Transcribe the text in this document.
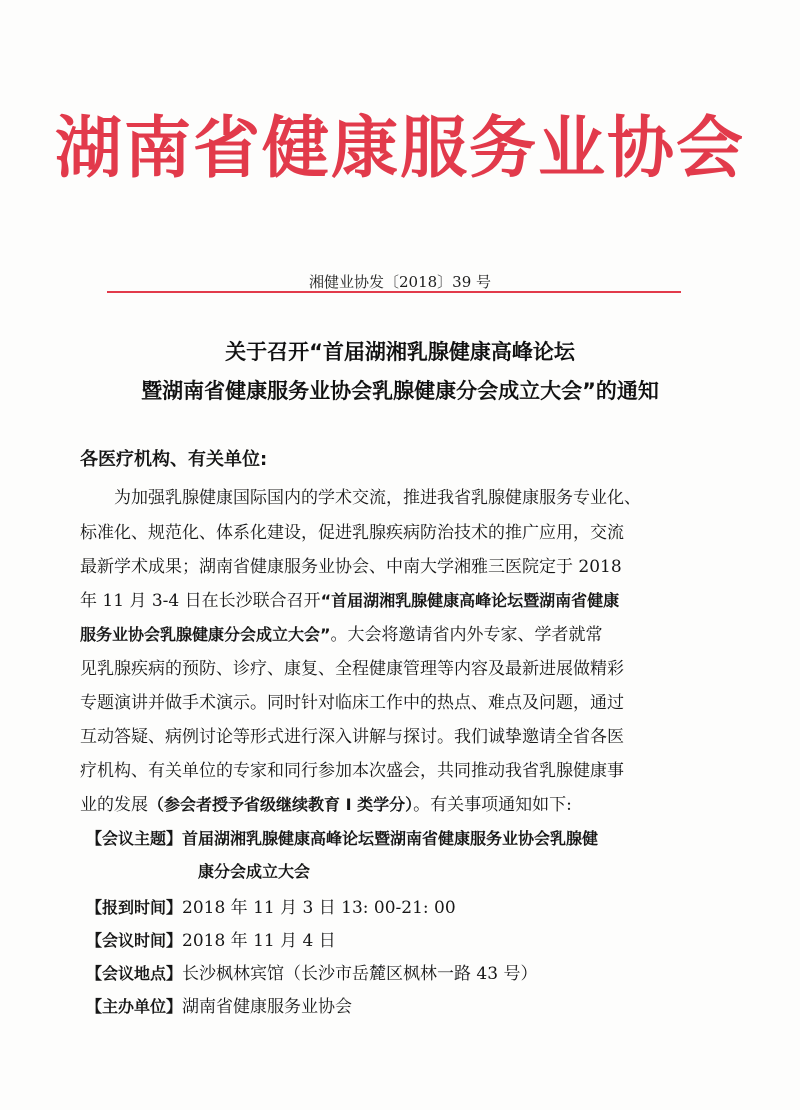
湖南省健康服务业协会
湘健业协发〔2018〕39 号
关于召开“首届湖湘乳腺健康高峰论坛
暨湖南省健康服务业协会乳腺健康分会成立大会”的通知
各医疗机构、有关单位:
为加强乳腺健康国际国内的学术交流，推进我省乳腺健康服务专业化、
标准化、规范化、体系化建设，促进乳腺疾病防治技术的推广应用，交流
最新学术成果；湖南省健康服务业协会、中南大学湘雅三医院定于 2018
年 11 月 3-4 日在长沙联合召开“首届湖湘乳腺健康高峰论坛暨湖南省健康
服务业协会乳腺健康分会成立大会”。大会将邀请省内外专家、学者就常
见乳腺疾病的预防、诊疗、康复、全程健康管理等内容及最新进展做精彩
专题演讲并做手术演示。同时针对临床工作中的热点、难点及问题，通过
互动答疑、病例讨论等形式进行深入讲解与探讨。我们诚挚邀请全省各医
疗机构、有关单位的专家和同行参加本次盛会，共同推动我省乳腺健康事
业的发展（参会者授予省级继续教育 I 类学分）。有关事项通知如下:
【会议主题】首届湖湘乳腺健康高峰论坛暨湖南省健康服务业协会乳腺健
康分会成立大会
【报到时间】2018 年 11 月 3 日 13: 00-21: 00
【会议时间】2018 年 11 月 4 日
【会议地点】长沙枫林宾馆（长沙市岳麓区枫林一路 43 号）
【主办单位】湖南省健康服务业协会
